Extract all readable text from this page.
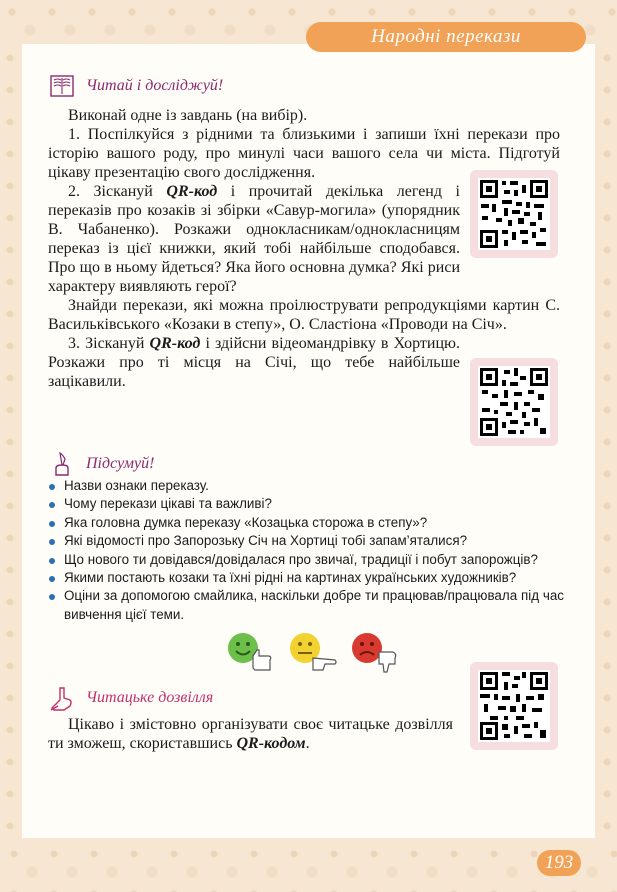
Народні перекази
Читай і досліджуй!

Виконай одне із завдань (на вибір).

1. Поспілкуйся з рідними та близькими і запиши їхні перекази про історію вашого роду, про минулі часи вашого села чи міста. Підготуй цікаву презентацію свого дослідження.

2. Зіскануй QR-код і прочитай декілька легенд і переказів про козаків зі збірки «Савур-могила» (упорядник В. Чабаненко). Розкажи однокласникам/однокласницям переказ із цієї книжки, який тобі найбільше сподобався. Про що в ньому йдеться? Яка його основна думка? Які риси характеру виявляють герої?

Знайди перекази, які можна проілюструвати репродукціями картин С. Васильківського «Козаки в степу», О. Сластіона «Проводи на Січ».

3. Зіскануй QR-код і здійсни відеомандрівку в Хортицю. Розкажи про ті місця на Січі, що тебе найбільше зацікавили.

Підсумуй!
Назви ознаки переказу.
Чому перекази цікаві та важливі?
Яка головна думка переказу «Козацька сторожа в степу»?
Які відомості про Запорозьку Січ на Хортиці тобі запам’яталися?
Що нового ти довідався/довідалася про звичаї, традиції і побут запорожців?
Якими постають козаки та їхні рідні на картинах українських художників?
Оціни за допомогою смайлика, наскільки добре ти працював/працювала під час вивчення цієї теми.
Читацьке дозвілля

Цікаво і змістовно організувати своє читацьке дозвілля ти зможеш, скориставшись QR-кодом.

193
